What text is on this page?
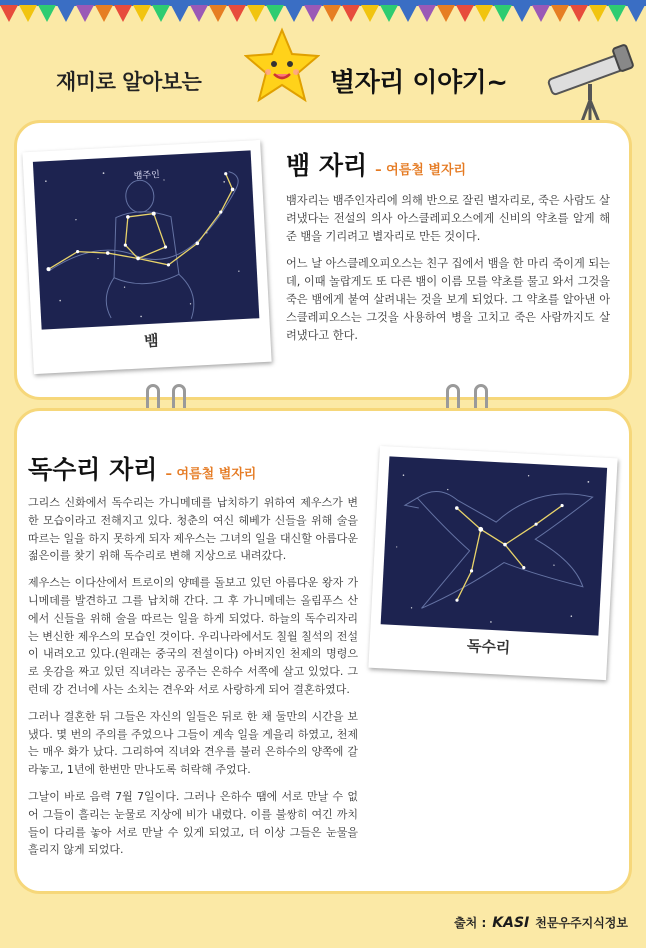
재미로 알아보는	별자리 이야기~
뱀주인
뱀
뱀 자리 – 여름철 별자리

뱀자리는 뱀주인자리에 의해 반으로 잘린 별자리로, 죽은 사람도 살려냈다는 전설의 의사 아스클레피오스에게 신비의 약초를 알게 해 준 뱀을 기리려고 별자리로 만든 것이다.

어느 날 아스클레오피오스는 친구 집에서 뱀을 한 마리 죽이게 되는데, 이때 놀랍게도 또 다른 뱀이 이름 모를 약초를 물고 와서 그것을 죽은 뱀에게 붙여 살려내는 것을 보게 되었다. 그 약초를 알아낸 아스클레피오스는 그것을 사용하여 병을 고치고 죽은 사람까지도 살려냈다고 한다.

독수리 자리 – 여름철 별자리

그리스 신화에서 독수리는 가니메데를 납치하기 위하여 제우스가 변한 모습이라고 전해지고 있다. 청춘의 여신 헤베가 신들을 위해 술을 따르는 일을 하지 못하게 되자 제우스는 그녀의 일을 대신할 아름다운 젊은이를 찾기 위해 독수리로 변해 지상으로 내려갔다.

제우스는 이다산에서 트로이의 양떼를 돌보고 있던 아름다운 왕자 가니메데를 발견하고 그를 납치해 간다. 그 후 가니메데는 올림푸스 산에서 신들을 위해 술을 따르는 일을 하게 되었다. 하늘의 독수리자리는 변신한 제우스의 모습인 것이다. 우리나라에서도 칠월 칠석의 전설이 내려오고 있다.(원래는 중국의 전설이다) 아버지인 천제의 명령으로 옷감을 짜고 있던 직녀라는 공주는 은하수 서쪽에 살고 있었다. 그런데 강 건너에 사는 소치는 견우와 서로 사랑하게 되어 결혼하였다.

그러나 결혼한 뒤 그들은 자신의 일들은 뒤로 한 채 둘만의 시간을 보냈다. 몇 번의 주의를 주었으나 그들이 계속 일을 게을리 하였고, 천제는 매우 화가 났다. 그리하여 직녀와 견우를 불러 은하수의 양쪽에 갈라놓고, 1년에 한번만 만나도록 허락해 주었다.

그날이 바로 음력 7월 7일이다. 그러나 은하수 땜에 서로 만날 수 없어 그들이 흘리는 눈물로 지상에 비가 내렸다. 이를 불쌍히 여긴 까치들이 다리를 놓아 서로 만날 수 있게 되었고, 더 이상 그들은 눈물을 흘리지 않게 되었다.

독수리
출처 : KASI 천문우주지식정보
